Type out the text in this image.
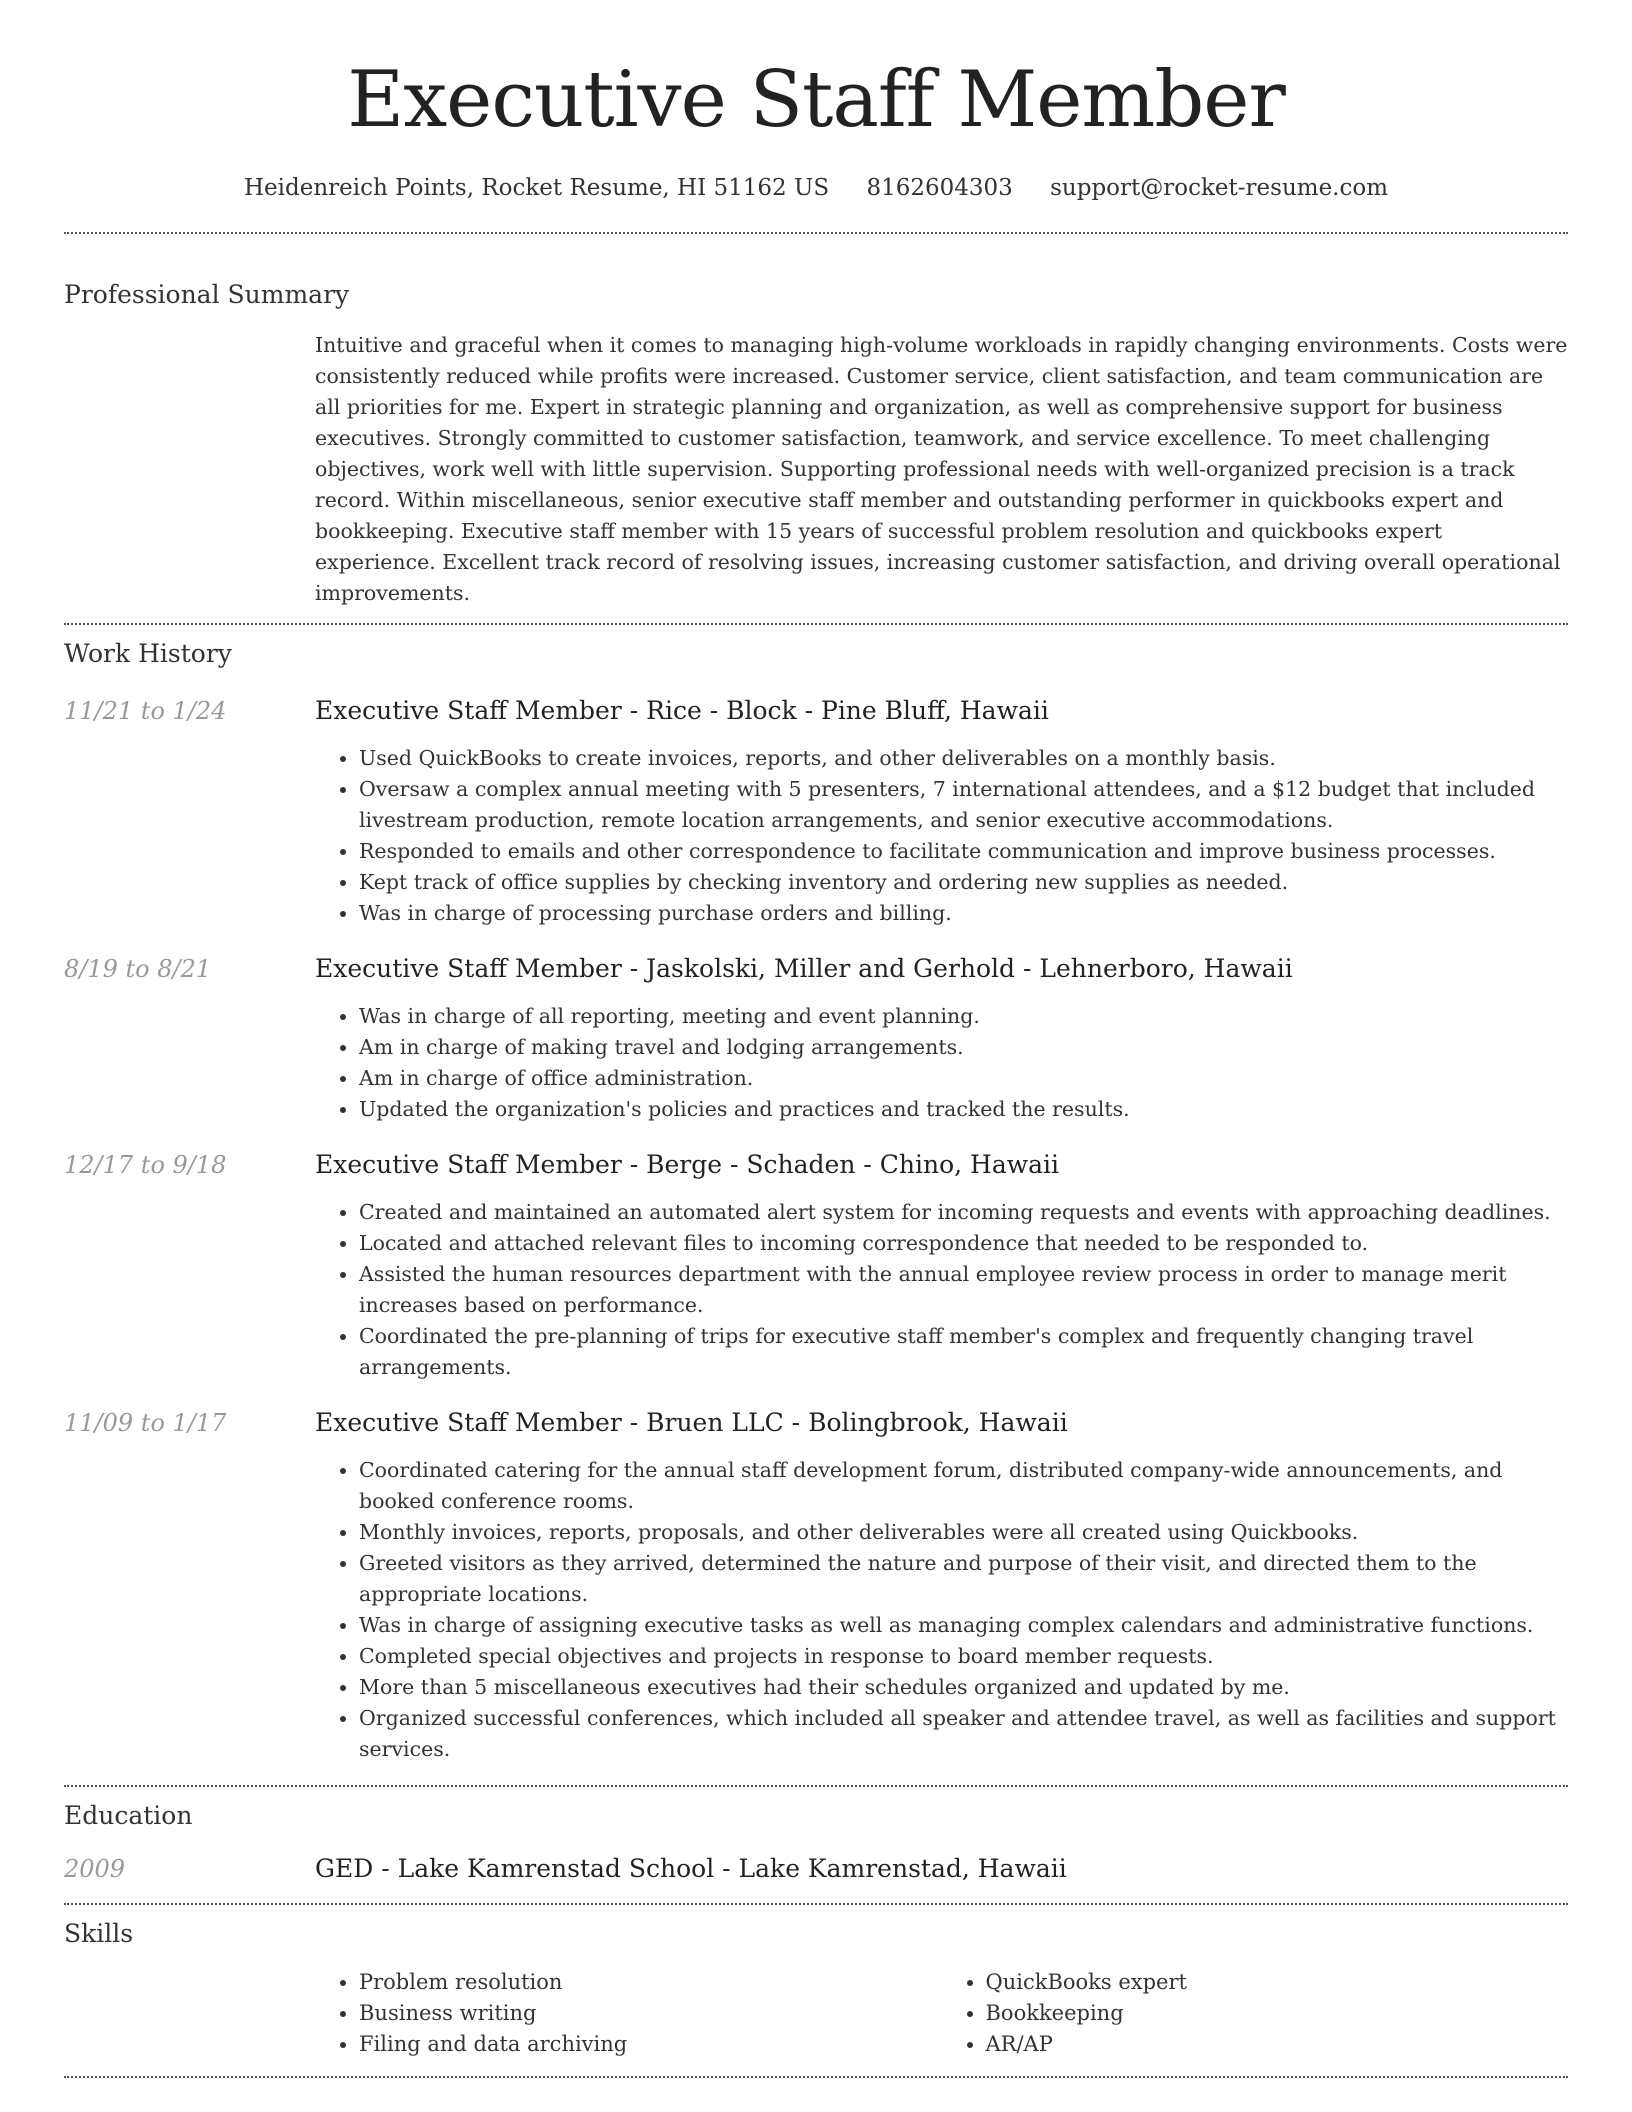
Executive Staff Member
Heidenreich Points, Rocket Resume, HI 51162 US 8162604303 support@rocket-resume.com
Professional Summary
Intuitive and graceful when it comes to managing high-volume workloads in rapidly changing environments. Costs were consistently reduced while profits were increased. Customer service, client satisfaction, and team communication are all priorities for me. Expert in strategic planning and organization, as well as comprehensive support for business executives. Strongly committed to customer satisfaction, teamwork, and service excellence. To meet challenging objectives, work well with little supervision. Supporting professional needs with well-organized precision is a track record. Within miscellaneous, senior executive staff member and outstanding performer in quickbooks expert and bookkeeping. Executive staff member with 15 years of successful problem resolution and quickbooks expert experience. Excellent track record of resolving issues, increasing customer satisfaction, and driving overall operational improvements.
Work History
11/21 to 1/24	Executive Staff Member - Rice - Block - Pine Bluff, Hawaii
• Used QuickBooks to create invoices, reports, and other deliverables on a monthly basis.
• Oversaw a complex annual meeting with 5 presenters, 7 international attendees, and a $12 budget that included livestream production, remote location arrangements, and senior executive accommodations.
• Responded to emails and other correspondence to facilitate communication and improve business processes.
• Kept track of office supplies by checking inventory and ordering new supplies as needed.
• Was in charge of processing purchase orders and billing.
8/19 to 8/21	Executive Staff Member - Jaskolski, Miller and Gerhold - Lehnerboro, Hawaii
• Was in charge of all reporting, meeting and event planning.
• Am in charge of making travel and lodging arrangements.
• Am in charge of office administration.
• Updated the organization's policies and practices and tracked the results.
12/17 to 9/18	Executive Staff Member - Berge - Schaden - Chino, Hawaii
• Created and maintained an automated alert system for incoming requests and events with approaching deadlines.
• Located and attached relevant files to incoming correspondence that needed to be responded to.
• Assisted the human resources department with the annual employee review process in order to manage merit increases based on performance.
• Coordinated the pre-planning of trips for executive staff member's complex and frequently changing travel arrangements.
11/09 to 1/17	Executive Staff Member - Bruen LLC - Bolingbrook, Hawaii
• Coordinated catering for the annual staff development forum, distributed company-wide announcements, and booked conference rooms.
• Monthly invoices, reports, proposals, and other deliverables were all created using Quickbooks.
• Greeted visitors as they arrived, determined the nature and purpose of their visit, and directed them to the appropriate locations.
• Was in charge of assigning executive tasks as well as managing complex calendars and administrative functions.
• Completed special objectives and projects in response to board member requests.
• More than 5 miscellaneous executives had their schedules organized and updated by me.
• Organized successful conferences, which included all speaker and attendee travel, as well as facilities and support services.
Education
2009	GED - Lake Kamrenstad School - Lake Kamrenstad, Hawaii
Skills
• Problem resolution
• Business writing
• Filing and data archiving
• QuickBooks expert
• Bookkeeping
• AR/AP
